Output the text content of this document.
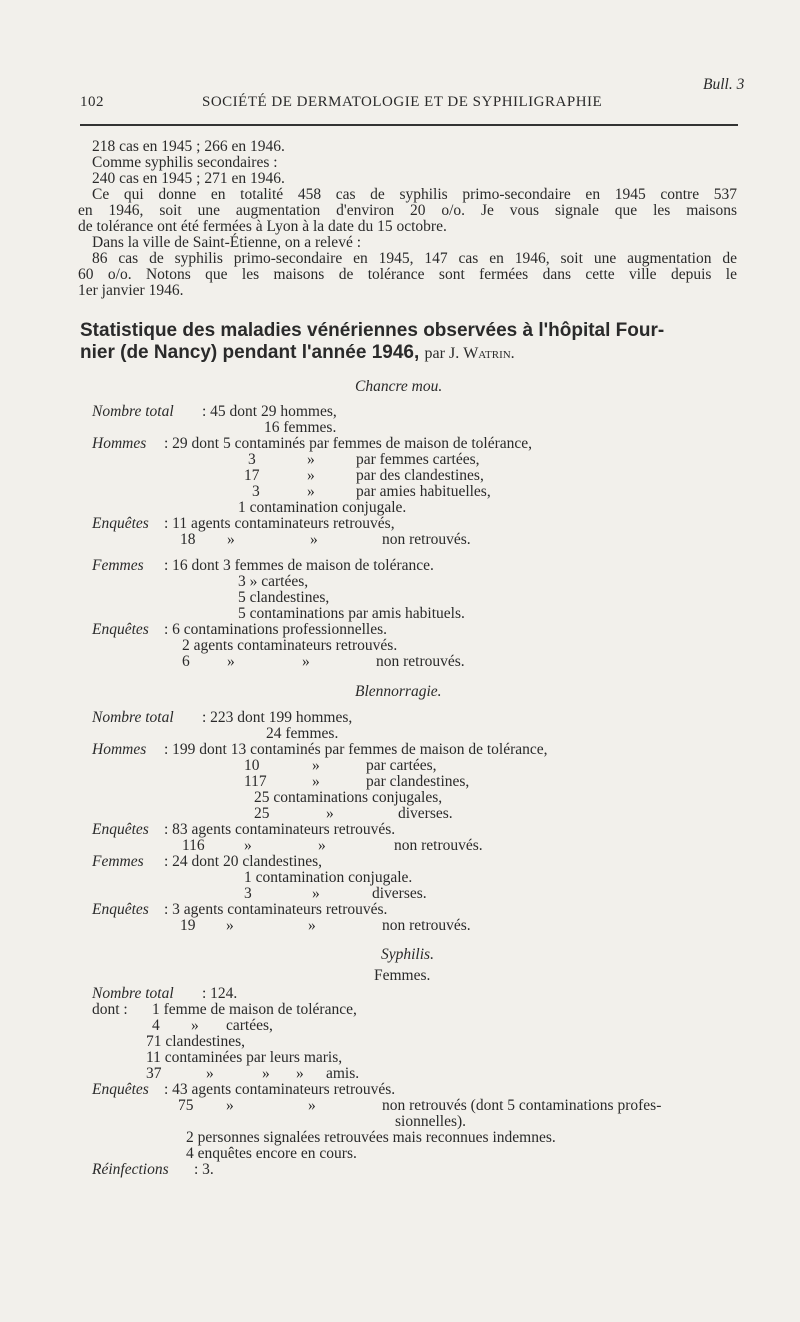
102	SOCIÉTÉ DE DERMATOLOGIE ET DE SYPHILIGRAPHIE
Bull. 3
218 cas en 1945 ; 266 en 1946.
Comme syphilis secondaires :
240 cas en 1945 ; 271 en 1946.
Ce qui donne en totalité 458 cas de syphilis primo-secondaire en 1945 contre 537
en 1946, soit une augmentation d'environ 20 o/o. Je vous signale que les maisons
de tolérance ont été fermées à Lyon à la date du 15 octobre.
Dans la ville de Saint-Étienne, on a relevé :
86 cas de syphilis primo-secondaire en 1945, 147 cas en 1946, soit une augmentation de
60 o/o. Notons que les maisons de tolérance sont fermées dans cette ville depuis le
1er janvier 1946.
Statistique des maladies vénériennes observées à l'hôpital Four-
nier (de Nancy) pendant l'année 1946, par J. Watrin.
Chancre mou.
Nombre total : 45 dont 29 hommes,
16 femmes.
Hommes : 29 dont 5 contaminés par femmes de maison de tolérance,
3	»	par femmes cartées,
17	»	par des clandestines,
3	»	par amies habituelles,
1 contamination conjugale.
Enquêtes : 11 agents contaminateurs retrouvés,
18 »	»	non retrouvés.
Femmes : 16 dont 3 femmes de maison de tolérance.
3 » cartées,
5 clandestines,
5 contaminations par amis habituels.
Enquêtes : 6 contaminations professionnelles.
2 agents contaminateurs retrouvés.
6 »	»	non retrouvés.
Blennorragie.
Nombre total : 223 dont 199 hommes,
24 femmes.
Hommes : 199 dont 13 contaminés par femmes de maison de tolérance,
10	»	par cartées,
117	»	par clandestines,
25 contaminations conjugales,
25	»	diverses.
Enquêtes : 83 agents contaminateurs retrouvés.
116	»	»	non retrouvés.
Femmes : 24 dont 20 clandestines,
1 contamination conjugale.
3	»	diverses.
Enquêtes : 3 agents contaminateurs retrouvés.
19 »	»	non retrouvés.
Syphilis.
Femmes.
Nombre total : 124.
dont : 1 femme de maison de tolérance,
4 » cartées,
71 clandestines,
11 contaminées par leurs maris,
37	»	» » amis.
Enquêtes : 43 agents contaminateurs retrouvés.
75 »	»	non retrouvés (dont 5 contaminations profes-
sionnelles).
2 personnes signalées retrouvées mais reconnues indemnes.
4 enquêtes encore en cours.
Réinfections : 3.
